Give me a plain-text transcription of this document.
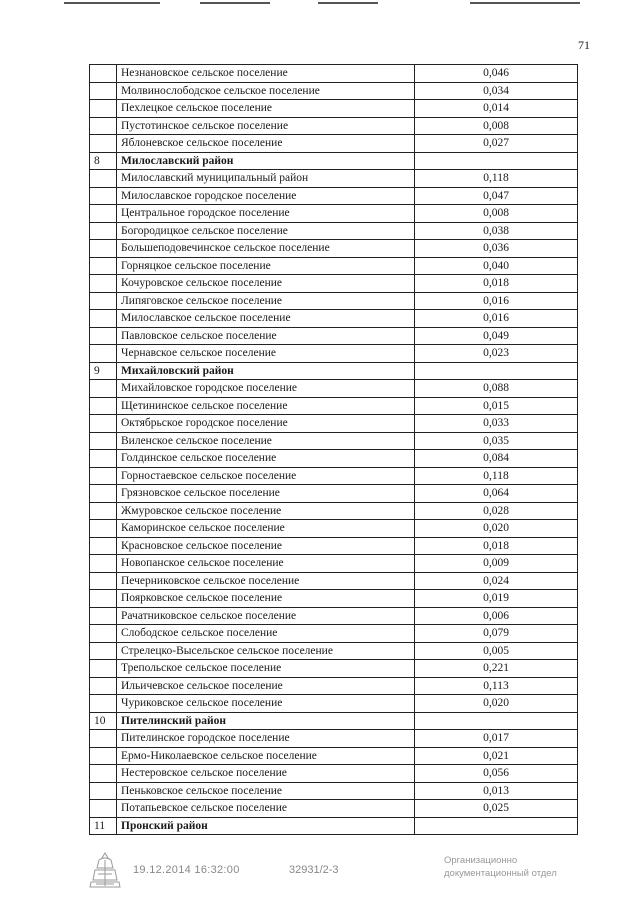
71
	Незнановское сельское поселение	0,046
	Молвинослободское сельское поселение	0,034
	Пехлецкое сельское поселение	0,014
	Пустотинское сельское поселение	0,008
	Яблоневское сельское поселение	0,027
8	Милославский район	
	Милославский муниципальный район	0,118
	Милославское городское поселение	0,047
	Центральное городское поселение	0,008
	Богородицкое сельское поселение	0,038
	Большеподовечинское сельское поселение	0,036
	Горняцкое сельское поселение	0,040
	Кочуровское сельское поселение	0,018
	Липяговское сельское поселение	0,016
	Милославское сельское поселение	0,016
	Павловское сельское поселение	0,049
	Чернавское сельское поселение	0,023
9	Михайловский район	
	Михайловское городское поселение	0,088
	Щетининское сельское поселение	0,015
	Октябрьское городское поселение	0,033
	Виленское сельское поселение	0,035
	Голдинское сельское поселение	0,084
	Горностаевское сельское поселение	0,118
	Грязновское сельское поселение	0,064
	Жмуровское сельское поселение	0,028
	Каморинское сельское поселение	0,020
	Красновское сельское поселение	0,018
	Новопанское сельское поселение	0,009
	Печерниковское сельское поселение	0,024
	Поярковское сельское поселение	0,019
	Рачатниковское сельское поселение	0,006
	Слободское сельское поселение	0,079
	Стрелецко-Высельское сельское поселение	0,005
	Трепольское сельское поселение	0,221
	Ильичевское сельское поселение	0,113
	Чуриковское сельское поселение	0,020
10	Пителинский район	
	Пителинское городское поселение	0,017
	Ермо-Николаевское сельское поселение	0,021
	Нестеровское сельское поселение	0,056
	Пеньковское сельское поселение	0,013
	Потапьевское сельское поселение	0,025
11	Пронский район	
19.12.2014 16:32:00	32931/2-3
Организационно
документационный отдел
